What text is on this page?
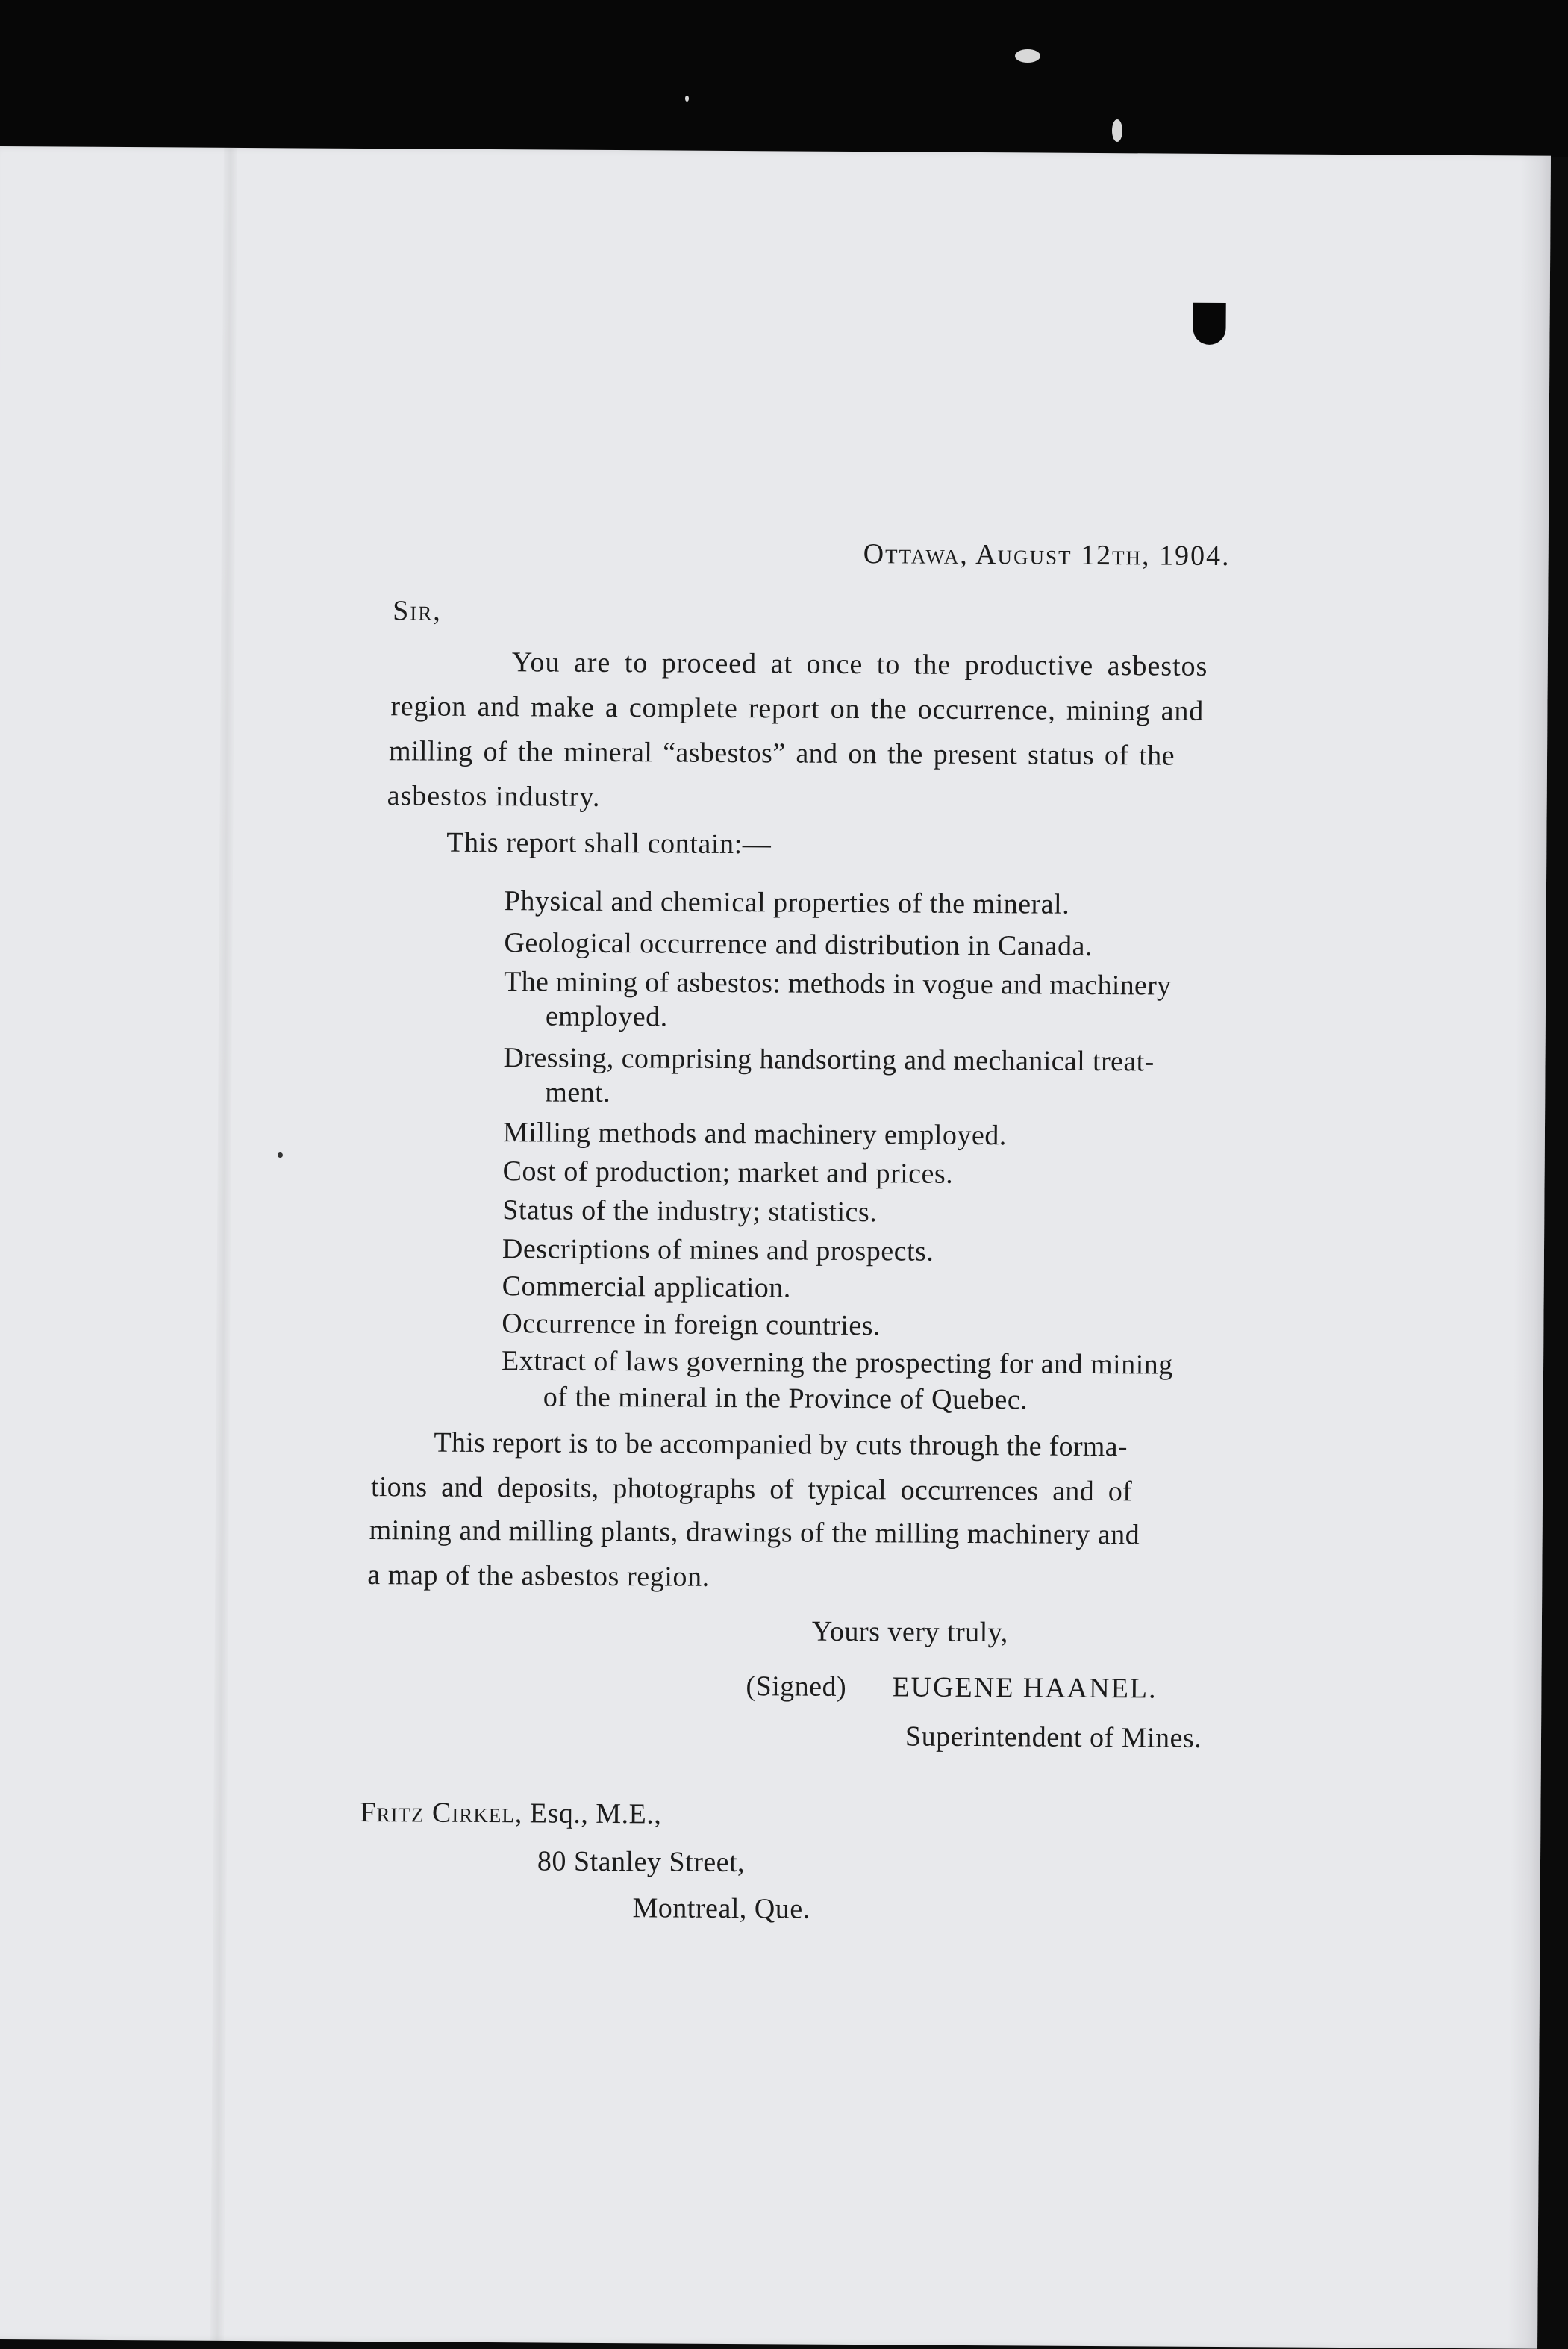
Ottawa, August 12th, 1904.
Sir,
You are to proceed at once to the productive asbestos
region and make a complete report on the occurrence, mining and
milling of the mineral “asbestos” and on the present status of the
asbestos industry.
This report shall contain:—
Physical and chemical properties of the mineral.
Geological occurrence and distribution in Canada.
The mining of asbestos: methods in vogue and machinery
employed.
Dressing, comprising handsorting and mechanical treat-
ment.
Milling methods and machinery employed.
Cost of production; market and prices.
Status of the industry; statistics.
Descriptions of mines and prospects.
Commercial application.
Occurrence in foreign countries.
Extract of laws governing the prospecting for and mining
of the mineral in the Province of Quebec.
This report is to be accompanied by cuts through the forma-
tions and deposits, photographs of typical occurrences and of
mining and milling plants, drawings of the milling machinery and
a map of the asbestos region.
Yours very truly,
(Signed) EUGENE HAANEL.
Superintendent of Mines.
Fritz Cirkel, Esq., M.E.,
80 Stanley Street,
Montreal, Que.
